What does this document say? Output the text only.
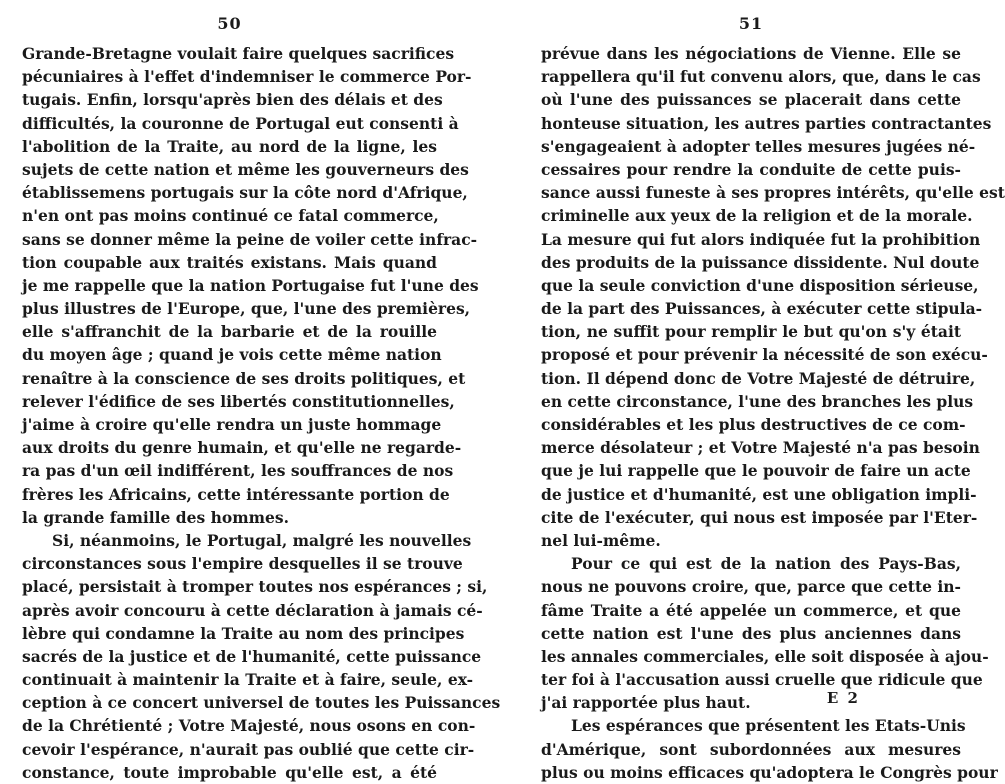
50
Grande-Bretagne voulait faire quelques sacrifices
pécuniaires à l'effet d'indemniser le commerce Por-
tugais. Enfin, lorsqu'après bien des délais et des
difficultés, la couronne de Portugal eut consenti à
l'abolition de la Traite, au nord de la ligne, les
sujets de cette nation et même les gouverneurs des
établissemens portugais sur la côte nord d'Afrique,
n'en ont pas moins continué ce fatal commerce,
sans se donner même la peine de voiler cette infrac-
tion coupable aux traités existans. Mais quand
je me rappelle que la nation Portugaise fut l'une des
plus illustres de l'Europe, que, l'une des premières,
elle s'affranchit de la barbarie et de la rouille
du moyen âge ; quand je vois cette même nation
renaître à la conscience de ses droits politiques, et
relever l'édifice de ses libertés constitutionnelles,
j'aime à croire qu'elle rendra un juste hommage
aux droits du genre humain, et qu'elle ne regarde-
ra pas d'un œil indifférent, les souffrances de nos
frères les Africains, cette intéressante portion de
la grande famille des hommes.
Si, néanmoins, le Portugal, malgré les nouvelles
circonstances sous l'empire desquelles il se trouve
placé, persistait à tromper toutes nos espérances ; si,
après avoir concouru à cette déclaration à jamais cé-
lèbre qui condamne la Traite au nom des principes
sacrés de la justice et de l'humanité, cette puissance
continuait à maintenir la Traite et à faire, seule, ex-
ception à ce concert universel de toutes les Puissances
de la Chrétienté ; Votre Majesté, nous osons en con-
cevoir l'espérance, n'aurait pas oublié que cette cir-
constance, toute improbable qu'elle est, a été
51
prévue dans les négociations de Vienne. Elle se
rappellera qu'il fut convenu alors, que, dans le cas
où l'une des puissances se placerait dans cette
honteuse situation, les autres parties contractantes
s'engageaient à adopter telles mesures jugées né-
cessaires pour rendre la conduite de cette puis-
sance aussi funeste à ses propres intérêts, qu'elle est
criminelle aux yeux de la religion et de la morale.
La mesure qui fut alors indiquée fut la prohibition
des produits de la puissance dissidente. Nul doute
que la seule conviction d'une disposition sérieuse,
de la part des Puissances, à exécuter cette stipula-
tion, ne suffit pour remplir le but qu'on s'y était
proposé et pour prévenir la nécessité de son exécu-
tion. Il dépend donc de Votre Majesté de détruire,
en cette circonstance, l'une des branches les plus
considérables et les plus destructives de ce com-
merce désolateur ; et Votre Majesté n'a pas besoin
que je lui rappelle que le pouvoir de faire un acte
de justice et d'humanité, est une obligation impli-
cite de l'exécuter, qui nous est imposée par l'Eter-
nel lui-même.
Pour ce qui est de la nation des Pays-Bas,
nous ne pouvons croire, que, parce que cette in-
fâme Traite a été appelée un commerce, et que
cette nation est l'une des plus anciennes dans
les annales commerciales, elle soit disposée à ajou-
ter foi à l'accusation aussi cruelle que ridicule que
j'ai rapportée plus haut.
Les espérances que présentent les Etats-Unis
d'Amérique, sont subordonnées aux mesures
plus ou moins efficaces qu'adoptera le Congrès pour
E 2
